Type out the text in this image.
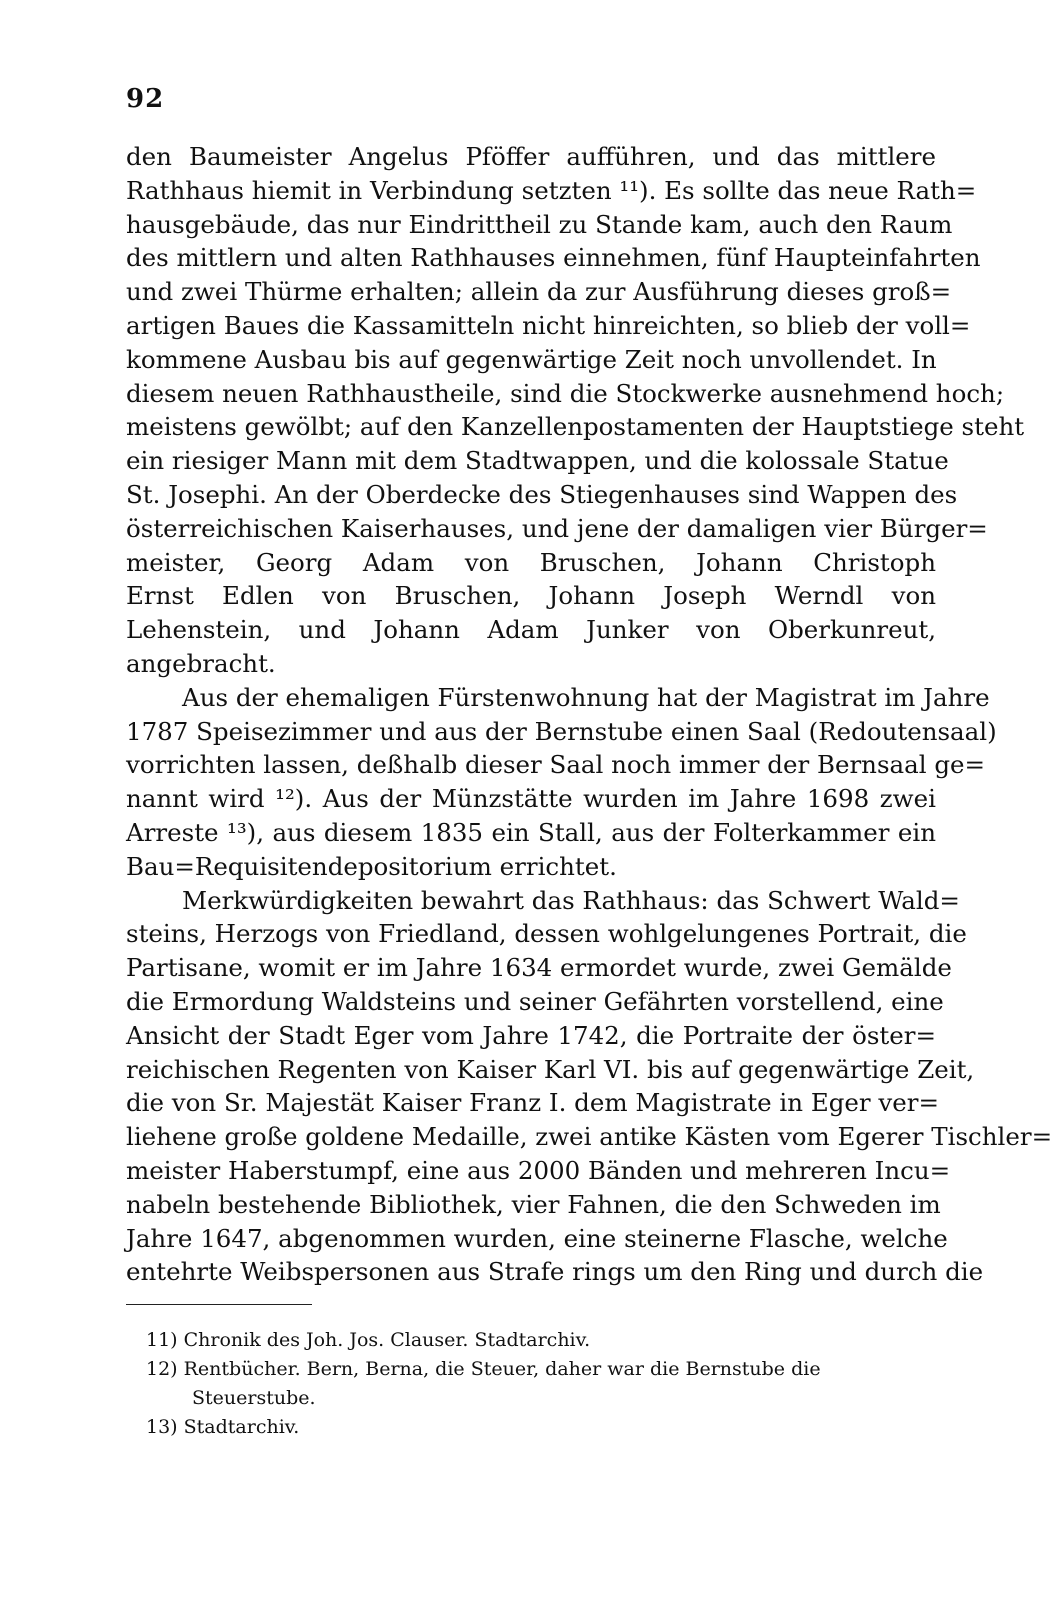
92
den Baumeister Angelus Pföffer aufführen, und das mittlere
Rathhaus hiemit in Verbindung setzten ¹¹). Es sollte das neue Rath=
hausgebäude, das nur Eindrittheil zu Stande kam, auch den Raum
des mittlern und alten Rathhauses einnehmen, fünf Haupteinfahrten
und zwei Thürme erhalten; allein da zur Ausführung dieses groß=
artigen Baues die Kassamitteln nicht hinreichten, so blieb der voll=
kommene Ausbau bis auf gegenwärtige Zeit noch unvollendet. In
diesem neuen Rathhaustheile, sind die Stockwerke ausnehmend hoch;
meistens gewölbt; auf den Kanzellenpostamenten der Hauptstiege steht
ein riesiger Mann mit dem Stadtwappen, und die kolossale Statue
St. Josephi. An der Oberdecke des Stiegenhauses sind Wappen des
österreichischen Kaiserhauses, und jene der damaligen vier Bürger=
meister, Georg Adam von Bruschen, Johann Christoph
Ernst Edlen von Bruschen, Johann Joseph Werndl von
Lehenstein, und Johann Adam Junker von Oberkunreut,
angebracht.
Aus der ehemaligen Fürstenwohnung hat der Magistrat im Jahre
1787 Speisezimmer und aus der Bernstube einen Saal (Redoutensaal)
vorrichten lassen, deßhalb dieser Saal noch immer der Bernsaal ge=
nannt wird ¹²). Aus der Münzstätte wurden im Jahre 1698 zwei
Arreste ¹³), aus diesem 1835 ein Stall, aus der Folterkammer ein
Bau=Requisitendepositorium errichtet.
Merkwürdigkeiten bewahrt das Rathhaus: das Schwert Wald=
steins, Herzogs von Friedland, dessen wohlgelungenes Portrait, die
Partisane, womit er im Jahre 1634 ermordet wurde, zwei Gemälde
die Ermordung Waldsteins und seiner Gefährten vorstellend, eine
Ansicht der Stadt Eger vom Jahre 1742, die Portraite der öster=
reichischen Regenten von Kaiser Karl VI. bis auf gegenwärtige Zeit,
die von Sr. Majestät Kaiser Franz I. dem Magistrate in Eger ver=
liehene große goldene Medaille, zwei antike Kästen vom Egerer Tischler=
meister Haberstumpf, eine aus 2000 Bänden und mehreren Incu=
nabeln bestehende Bibliothek, vier Fahnen, die den Schweden im
Jahre 1647, abgenommen wurden, eine steinerne Flasche, welche
entehrte Weibspersonen aus Strafe rings um den Ring und durch die
11) Chronik des Joh. Jos. Clauser. Stadtarchiv.
12) Rentbücher. Bern, Berna, die Steuer, daher war die Bernstube die
Steuerstube.
13) Stadtarchiv.
